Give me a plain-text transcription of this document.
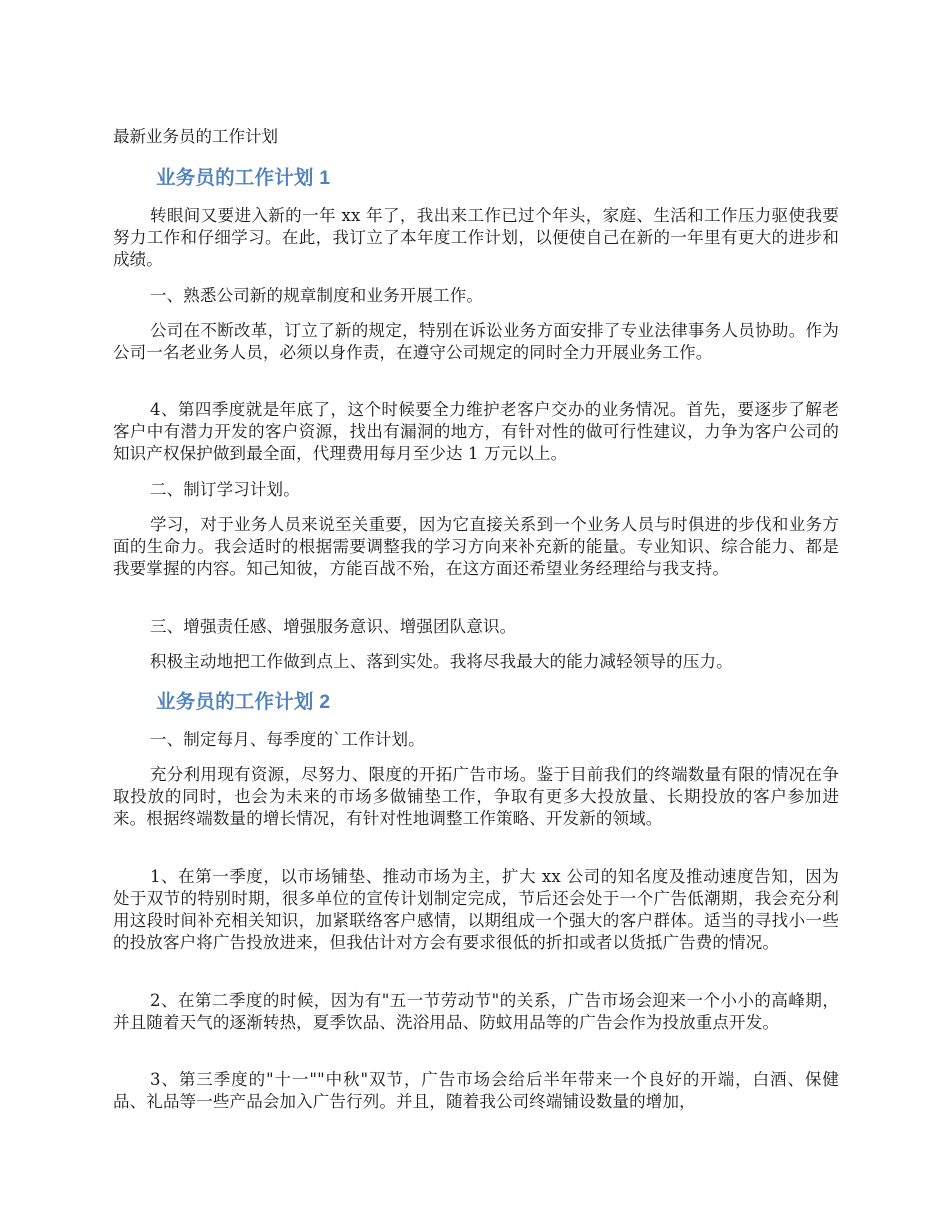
最新业务员的工作计划
业务员的工作计划 1

转眼间又要进入新的一年 xx 年了，我出来工作已过个年头，家庭、生活和工作压力驱使我要努力工作和仔细学习。在此，我订立了本年度工作计划，以便使自己在新的一年里有更大的进步和成绩。

一、熟悉公司新的规章制度和业务开展工作。

公司在不断改革，订立了新的规定，特别在诉讼业务方面安排了专业法律事务人员协助。作为公司一名老业务人员，必须以身作责，在遵守公司规定的同时全力开展业务工作。

4、第四季度就是年底了，这个时候要全力维护老客户交办的业务情况。首先，要逐步了解老客户中有潜力开发的客户资源，找出有漏洞的地方，有针对性的做可行性建议，力争为客户公司的知识产权保护做到最全面，代理费用每月至少达 1 万元以上。

二、制订学习计划。

学习，对于业务人员来说至关重要，因为它直接关系到一个业务人员与时俱进的步伐和业务方面的生命力。我会适时的根据需要调整我的学习方向来补充新的能量。专业知识、综合能力、都是我要掌握的内容。知己知彼，方能百战不殆，在这方面还希望业务经理给与我支持。

三、增强责任感、增强服务意识、增强团队意识。

积极主动地把工作做到点上、落到实处。我将尽我最大的能力减轻领导的压力。

业务员的工作计划 2

一、制定每月、每季度的`工作计划。

充分利用现有资源，尽努力、限度的开拓广告市场。鉴于目前我们的终端数量有限的情况在争取投放的同时，也会为未来的市场多做铺垫工作，争取有更多大投放量、长期投放的客户参加进来。根据终端数量的增长情况，有针对性地调整工作策略、开发新的领域。

1、在第一季度，以市场铺垫、推动市场为主，扩大 xx 公司的知名度及推动速度告知，因为处于双节的特别时期，很多单位的宣传计划制定完成，节后还会处于一个广告低潮期，我会充分利用这段时间补充相关知识，加紧联络客户感情，以期组成一个强大的客户群体。适当的寻找小一些的投放客户将广告投放进来，但我估计对方会有要求很低的折扣或者以货抵广告费的情况。

2、在第二季度的时候，因为有"五一节劳动节"的关系，广告市场会迎来一个小小的高峰期，并且随着天气的逐渐转热，夏季饮品、洗浴用品、防蚊用品等的广告会作为投放重点开发。

3、第三季度的"十一""中秋"双节，广告市场会给后半年带来一个良好的开端，白酒、保健品、礼品等一些产品会加入广告行列。并且，随着我公司终端铺设数量的增加，
